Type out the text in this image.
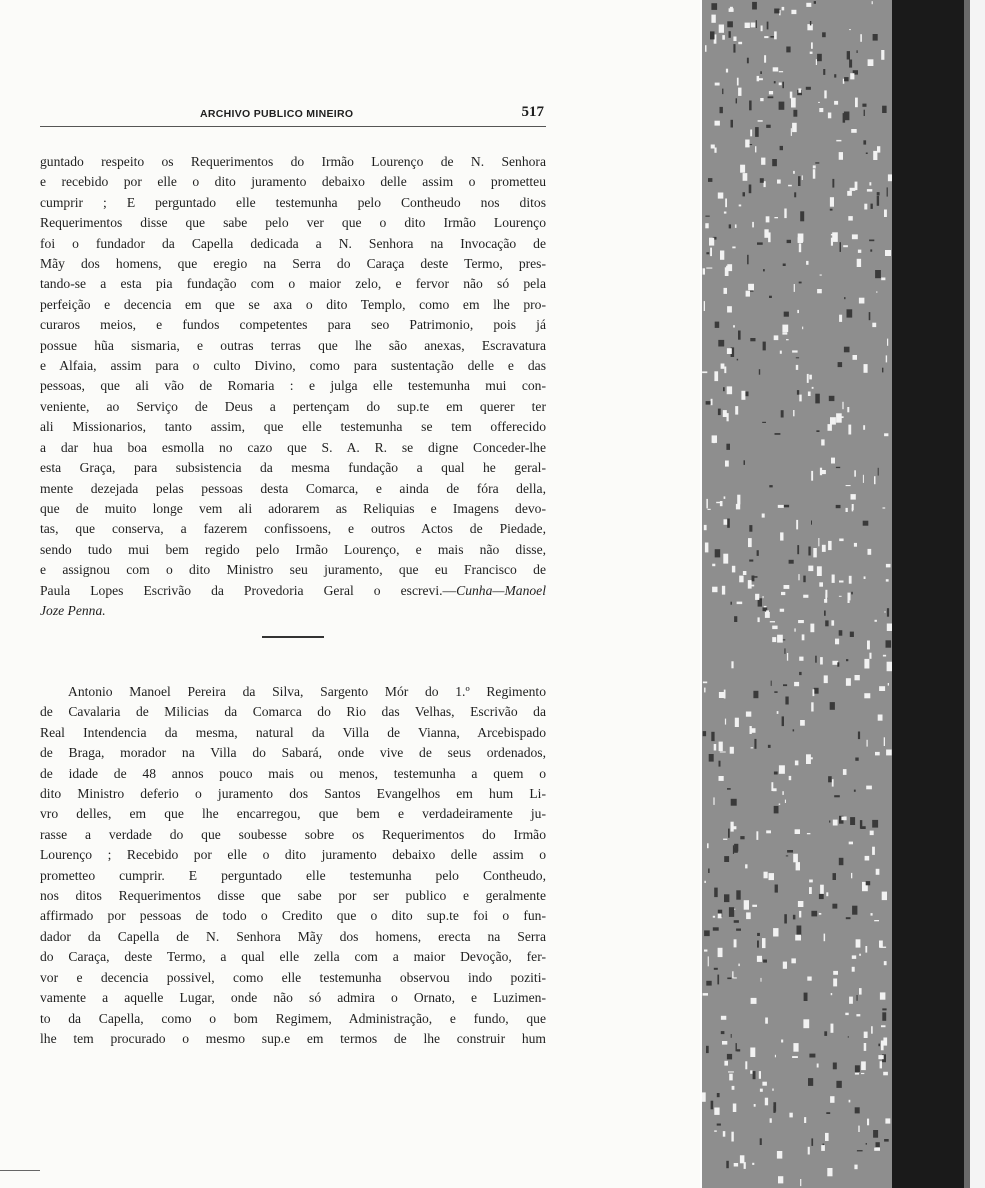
ARCHIVO PUBLICO MINEIRO	517
guntado respeito os Requerimentos do Irmão Lourenço de N. Senhora
e recebido por elle o dito juramento debaixo delle assim o prometteu
cumprir ; E perguntado elle testemunha pelo Contheudo nos ditos
Requerimentos disse que sabe pelo ver que o dito Irmão Lourenço
foi o fundador da Capella dedicada a N. Senhora na Invocação de
Mãy dos homens, que eregio na Serra do Caraça deste Termo, pres-
tando-se a esta pia fundação com o maior zelo, e fervor não só pela
perfeição e decencia em que se axa o dito Templo, como em lhe pro-
curaros meios, e fundos competentes para seo Patrimonio, pois já
possue hũa sismaria, e outras terras que lhe são anexas, Escravatura
e Alfaia, assim para o culto Divino, como para sustentação delle e das
pessoas, que ali vão de Romaria : e julga elle testemunha mui con-
veniente, ao Serviço de Deus a pertençam do sup.te em querer ter
ali Missionarios, tanto assim, que elle testemunha se tem offerecido
a dar hua boa esmolla no cazo que S. A. R. se digne Conceder-lhe
esta Graça, para subsistencia da mesma fundação a qual he geral-
mente dezejada pelas pessoas desta Comarca, e ainda de fóra della,
que de muito longe vem ali adorarem as Reliquias e Imagens devo-
tas, que conserva, a fazerem confissoens, e outros Actos de Piedade,
sendo tudo mui bem regido pelo Irmão Lourenço, e mais não disse,
e assignou com o dito Ministro seu juramento, que eu Francisco de
Paula Lopes Escrivão da Provedoria Geral o escrevi.—Cunha—Manoel
Joze Penna.
Antonio Manoel Pereira da Silva, Sargento Mór do 1.º Regimento
de Cavalaria de Milicias da Comarca do Rio das Velhas, Escrivão da
Real Intendencia da mesma, natural da Villa de Vianna, Arcebispado
de Braga, morador na Villa do Sabará, onde vive de seus ordenados,
de idade de 48 annos pouco mais ou menos, testemunha a quem o
dito Ministro deferio o juramento dos Santos Evangelhos em hum Li-
vro delles, em que lhe encarregou, que bem e verdadeiramente ju-
rasse a verdade do que soubesse sobre os Requerimentos do Irmão
Lourenço ; Recebido por elle o dito juramento debaixo delle assim o
prometteo cumprir. E perguntado elle testemunha pelo Contheudo,
nos ditos Requerimentos disse que sabe por ser publico e geralmente
affirmado por pessoas de todo o Credito que o dito sup.te foi o fun-
dador da Capella de N. Senhora Mãy dos homens, erecta na Serra
do Caraça, deste Termo, a qual elle zella com a maior Devoção, fer-
vor e decencia possivel, como elle testemunha observou indo poziti-
vamente a aquelle Lugar, onde não só admira o Ornato, e Luzimen-
to da Capella, como o bom Regimem, Administração, e fundo, que
lhe tem procurado o mesmo sup.e em termos de lhe construir hum
